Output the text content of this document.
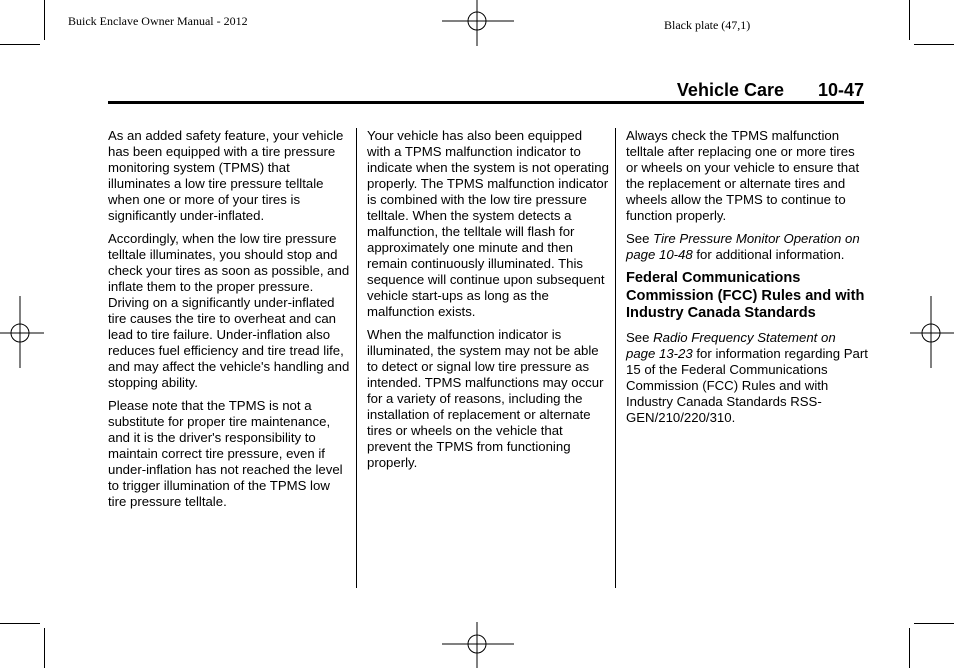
Buick Enclave Owner Manual - 2012	Black plate (47,1)
Vehicle Care 10-47

As an added safety feature, your vehicle has been equipped with a tire pressure monitoring system (TPMS) that illuminates a low tire pressure telltale when one or more of your tires is significantly under-inflated.

Accordingly, when the low tire pressure telltale illuminates, you should stop and check your tires as soon as possible, and inflate them to the proper pressure. Driving on a significantly under-inflated tire causes the tire to overheat and can lead to tire failure. Under-inflation also reduces fuel efficiency and tire tread life, and may affect the vehicle's handling and stopping ability.

Please note that the TPMS is not a substitute for proper tire maintenance, and it is the driver's responsibility to maintain correct tire pressure, even if under-inflation has not reached the level to trigger illumination of the TPMS low tire pressure telltale.

Your vehicle has also been equipped with a TPMS malfunction indicator to indicate when the system is not operating properly. The TPMS malfunction indicator is combined with the low tire pressure telltale. When the system detects a malfunction, the telltale will flash for approximately one minute and then remain continuously illuminated. This sequence will continue upon subsequent vehicle start-ups as long as the malfunction exists.

When the malfunction indicator is illuminated, the system may not be able to detect or signal low tire pressure as intended. TPMS malfunctions may occur for a variety of reasons, including the installation of replacement or alternate tires or wheels on the vehicle that prevent the TPMS from functioning properly.

Always check the TPMS malfunction telltale after replacing one or more tires or wheels on your vehicle to ensure that the replacement or alternate tires and wheels allow the TPMS to continue to function properly.

See Tire Pressure Monitor Operation on page 10-48 for additional information.

Federal Communications Commission (FCC) Rules and with Industry Canada Standards

See Radio Frequency Statement on page 13-23 for information regarding Part 15 of the Federal Communications Commission (FCC) Rules and with Industry Canada Standards RSS-GEN/210/220/310.
